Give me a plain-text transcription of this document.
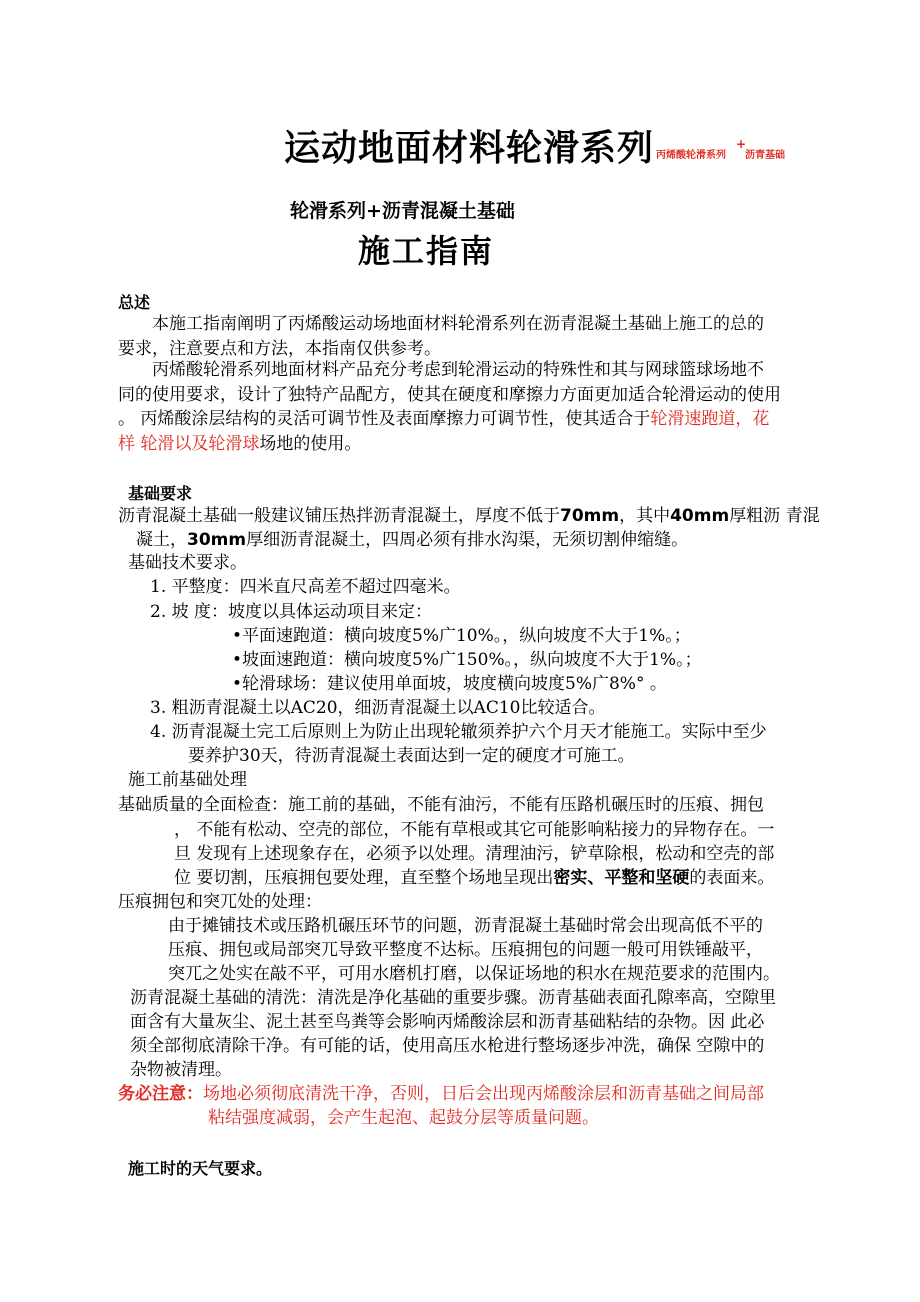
运动地面材料轮滑系列 丙烯酸轮滑系列
+
沥青基础
轮滑系列+沥青混凝土基础
施工指南
总述
本施工指南阐明了丙烯酸运动场地面材料轮滑系列在沥青混凝土基础上施工的总的
要求，注意要点和方法，本指南仅供参考。
丙烯酸轮滑系列地面材料产品充分考虑到轮滑运动的特殊性和其与网球篮球场地不
同的使用要求，设计了独特产品配方，使其在硬度和摩擦力方面更加适合轮滑运动的使用
。 丙烯酸涂层结构的灵活可调节性及表面摩擦力可调节性，使其适合于轮滑速跑道，花
样 轮滑以及轮滑球场地的使用。
基础要求
沥青混凝土基础一般建议铺压热拌沥青混凝土，厚度不低于70mm，其中40mm厚粗沥 青混
凝土，30mm厚细沥青混凝土，四周必须有排水沟渠，无须切割伸缩缝。
基础技术要求。
1. 平整度：四米直尺高差不超过四毫米。
2. 坡 度：坡度以具体运动项目来定：
•平面速跑道：横向坡度5%广10%。，纵向坡度不大于1%。；
•坡面速跑道：横向坡度5%广150%。，纵向坡度不大于1%。；
•轮滑球场：建议使用单面坡，坡度横向坡度5%广8%° 。
3. 粗沥青混凝土以AC20，细沥青混凝土以AC10比较适合。
4. 沥青混凝土完工后原则上为防止出现轮辙须养护六个月天才能施工。实际中至少
要养护30天，待沥青混凝土表面达到一定的硬度才可施工。
施工前基础处理
基础质量的全面检查：施工前的基础，不能有油污，不能有压路机碾压时的压痕、拥包
， 不能有松动、空壳的部位，不能有草根或其它可能影响粘接力的异物存在。一
旦 发现有上述现象存在，必须予以处理。清理油污，铲草除根，松动和空壳的部
位 要切割，压痕拥包要处理，直至整个场地呈现出密实、平整和坚硬的表面来。
压痕拥包和突兀处的处理：
由于摊铺技术或压路机碾压环节的问题，沥青混凝土基础时常会出现高低不平的
压痕、拥包或局部突兀导致平整度不达标。压痕拥包的问题一般可用铁锤敲平，
突兀之处实在敲不平，可用水磨机打磨，以保证场地的积水在规范要求的范围内。
沥青混凝土基础的清洗：清洗是净化基础的重要步骤。沥青基础表面孔隙率高，空隙里
面含有大量灰尘、泥土甚至鸟粪等会影响丙烯酸涂层和沥青基础粘结的杂物。因 此必
须全部彻底清除干净。有可能的话，使用高压水枪进行整场逐步冲洗，确保 空隙中的
杂物被清理。
务必注意：场地必须彻底清洗干净，否则，日后会出现丙烯酸涂层和沥青基础之间局部
粘结强度减弱，会产生起泡、起鼓分层等质量问题。
施工时的天气要求。
